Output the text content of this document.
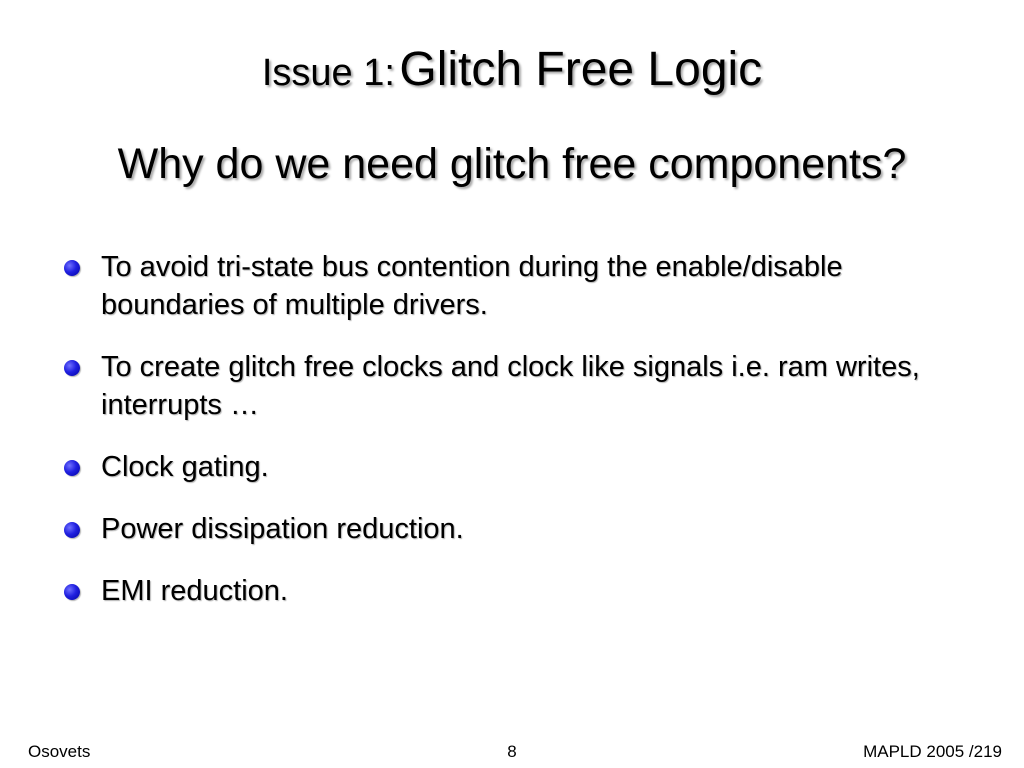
Issue 1: Glitch Free Logic
Why do we need glitch free components?
To avoid tri-state bus contention during the enable/disable boundaries of multiple drivers.
To create glitch free clocks and clock like signals i.e. ram writes, interrupts …
Clock gating.
Power dissipation reduction.
EMI reduction.
Osovets	8	MAPLD 2005 /219
